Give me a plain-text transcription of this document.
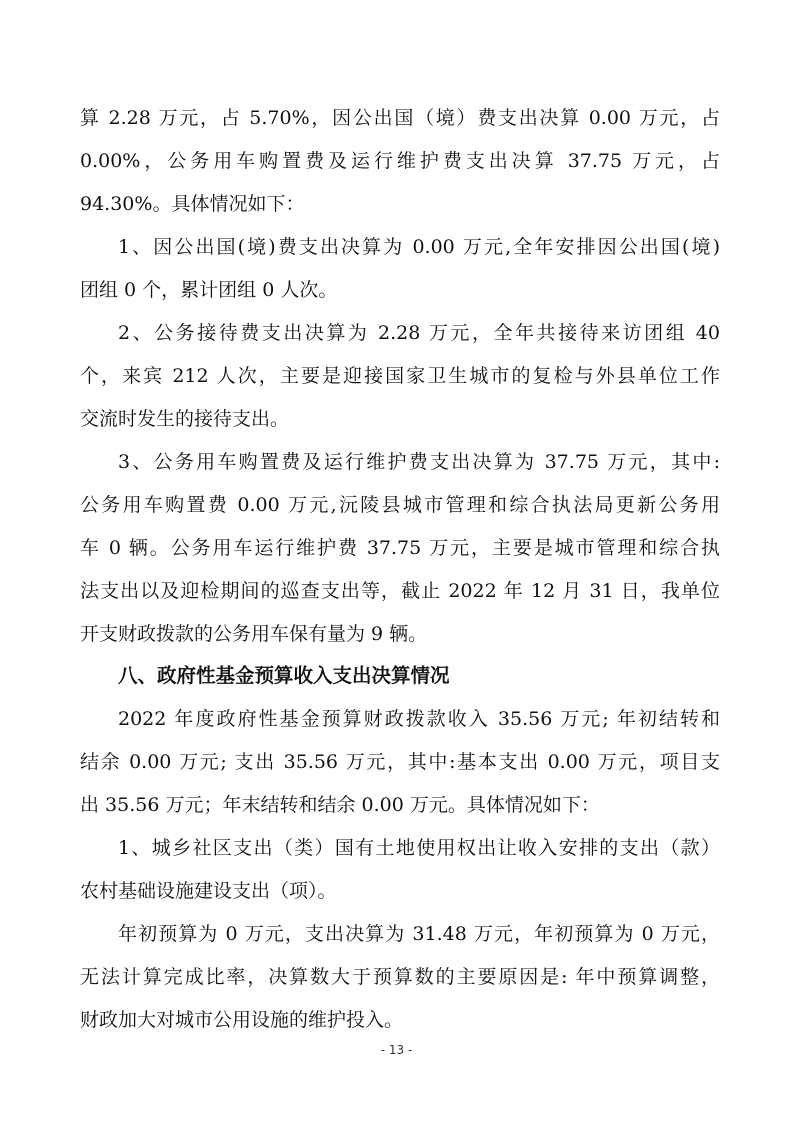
算 2.28 万元，占 5.70%，因公出国（境）费支出决算 0.00 万元，占
0.00%，公务用车购置费及运行维护费支出决算 37.75 万元，占
94.30%。具体情况如下：
1、因公出国(境)费支出决算为 0.00 万元,全年安排因公出国(境)
团组 0 个，累计团组 0 人次。
2、公务接待费支出决算为 2.28 万元，全年共接待来访团组 40
个，来宾 212 人次，主要是迎接国家卫生城市的复检与外县单位工作
交流时发生的接待支出。
3、公务用车购置费及运行维护费支出决算为 37.75 万元，其中:
公务用车购置费 0.00 万元,沅陵县城市管理和综合执法局更新公务用
车 0 辆。公务用车运行维护费 37.75 万元，主要是城市管理和综合执
法支出以及迎检期间的巡查支出等，截止 2022 年 12 月 31 日，我单位
开支财政拨款的公务用车保有量为 9 辆。
八、政府性基金预算收入支出决算情况
2022 年度政府性基金预算财政拨款收入 35.56 万元; 年初结转和
结余 0.00 万元; 支出 35.56 万元，其中:基本支出 0.00 万元，项目支
出 35.56 万元；年末结转和结余 0.00 万元。具体情况如下：
1、城乡社区支出（类）国有土地使用权出让收入安排的支出（款）
农村基础设施建设支出（项）。
年初预算为 0 万元，支出决算为 31.48 万元，年初预算为 0 万元，
无法计算完成比率，决算数大于预算数的主要原因是: 年中预算调整，
财政加大对城市公用设施的维护投入。
- 13 -
